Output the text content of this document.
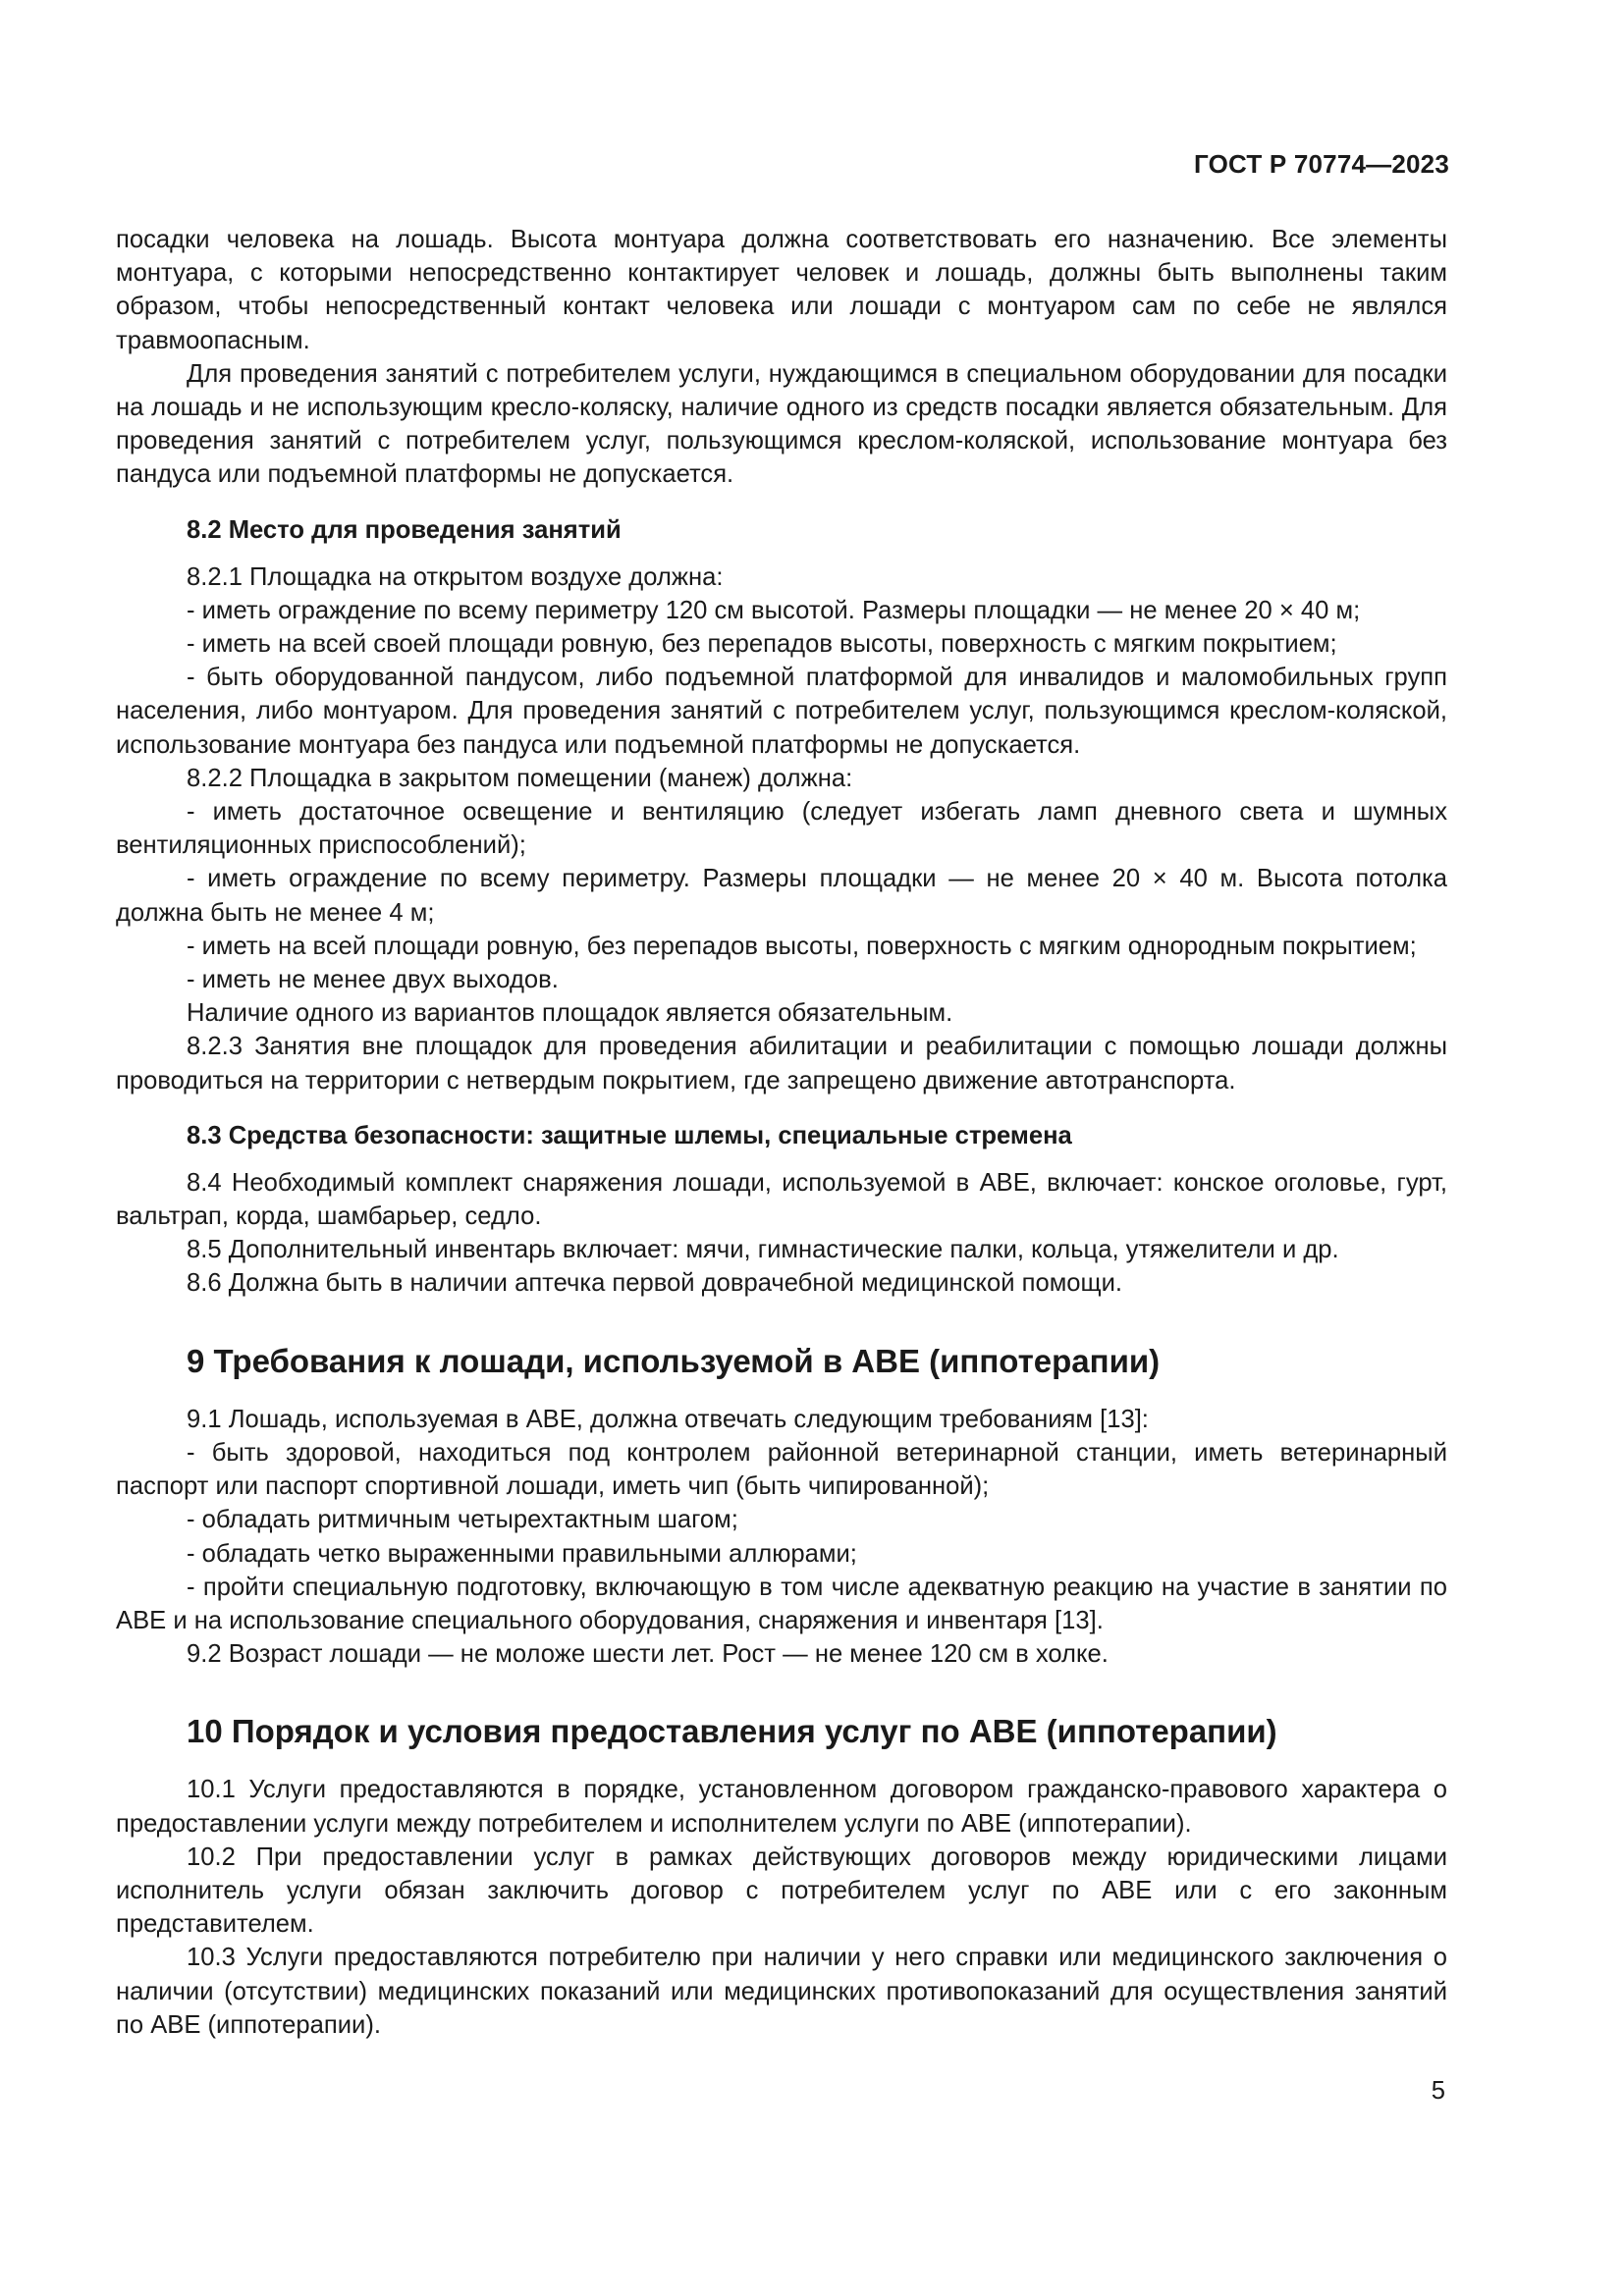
ГОСТ Р 70774—2023

посадки человека на лошадь. Высота монтуара должна соответствовать его назначению. Все элементы монтуара, с которыми непосредственно контактирует человек и лошадь, должны быть выполнены таким образом, чтобы непосредственный контакт человека или лошади с монтуаром сам по себе не являлся травмоопасным.

Для проведения занятий с потребителем услуги, нуждающимся в специальном оборудовании для посадки на лошадь и не использующим кресло-коляску, наличие одного из средств посадки является обязательным. Для проведения занятий с потребителем услуг, пользующимся креслом-коляской, использование монтуара без пандуса или подъемной платформы не допускается.

8.2 Место для проведения занятий

8.2.1 Площадка на открытом воздухе должна:

- иметь ограждение по всему периметру 120 см высотой. Размеры площадки — не менее 20 × 40 м;

- иметь на всей своей площади ровную, без перепадов высоты, поверхность с мягким покрытием;

- быть оборудованной пандусом, либо подъемной платформой для инвалидов и маломобильных групп населения, либо монтуаром. Для проведения занятий с потребителем услуг, пользующимся креслом-коляской, использование монтуара без пандуса или подъемной платформы не допускается.

8.2.2 Площадка в закрытом помещении (манеж) должна:

- иметь достаточное освещение и вентиляцию (следует избегать ламп дневного света и шумных вентиляционных приспособлений);

- иметь ограждение по всему периметру. Размеры площадки — не менее 20 × 40 м. Высота потолка должна быть не менее 4 м;

- иметь на всей площади ровную, без перепадов высоты, поверхность с мягким однородным покрытием;

- иметь не менее двух выходов.

Наличие одного из вариантов площадок является обязательным.

8.2.3 Занятия вне площадок для проведения абилитации и реабилитации с помощью лошади должны проводиться на территории с нетвердым покрытием, где запрещено движение автотранспорта.

8.3 Средства безопасности: защитные шлемы, специальные стремена

8.4 Необходимый комплект снаряжения лошади, используемой в АВЕ, включает: конское оголовье, гурт, вальтрап, корда, шамбарьер, седло.

8.5 Дополнительный инвентарь включает: мячи, гимнастические палки, кольца, утяжелители и др.

8.6 Должна быть в наличии аптечка первой доврачебной медицинской помощи.

9 Требования к лошади, используемой в АВЕ (иппотерапии)

9.1 Лошадь, используемая в АВЕ, должна отвечать следующим требованиям [13]:

- быть здоровой, находиться под контролем районной ветеринарной станции, иметь ветеринарный паспорт или паспорт спортивной лошади, иметь чип (быть чипированной);

- обладать ритмичным четырехтактным шагом;

- обладать четко выраженными правильными аллюрами;

- пройти специальную подготовку, включающую в том числе адекватную реакцию на участие в занятии по АВЕ и на использование специального оборудования, снаряжения и инвентаря [13].

9.2 Возраст лошади — не моложе шести лет. Рост — не менее 120 см в холке.

10 Порядок и условия предоставления услуг по АВЕ (иппотерапии)

10.1 Услуги предоставляются в порядке, установленном договором гражданско-правового характера о предоставлении услуги между потребителем и исполнителем услуги по АВЕ (иппотерапии).

10.2 При предоставлении услуг в рамках действующих договоров между юридическими лицами исполнитель услуги обязан заключить договор с потребителем услуг по АВЕ или с его законным представителем.

10.3 Услуги предоставляются потребителю при наличии у него справки или медицинского заключения о наличии (отсутствии) медицинских показаний или медицинских противопоказаний для осуществления занятий по АВЕ (иппотерапии).

5
